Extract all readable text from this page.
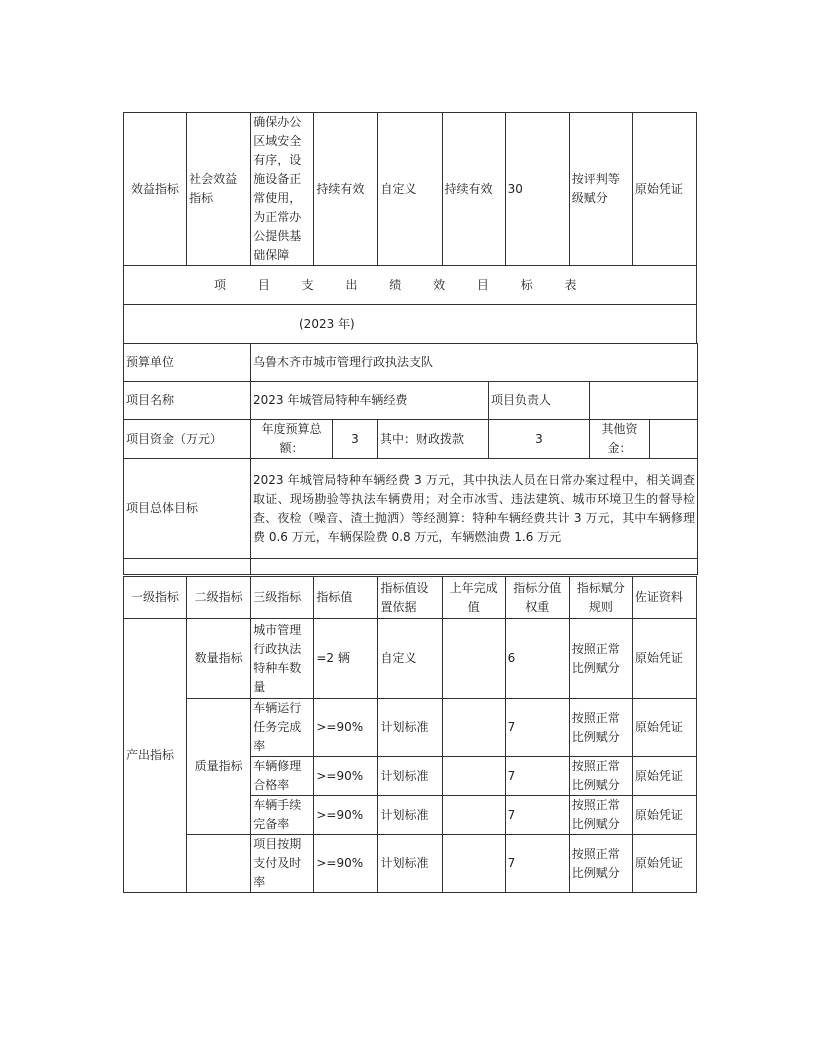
效益指标	社会效益指标	确保办公区域安全有序，设施设备正常使用，为正常办公提供基础保障	持续有效	自定义	持续有效	30	按评判等级赋分	原始凭证
项 目 支 出 绩 效 目 标 表
(2023 年)
预算单位	乌鲁木齐市城市管理行政执法支队					
项目名称	2023 年城管局特种车辆经费			项目负责人		
项目资金（万元）	年度预算总额：	3	其中：财政拨款	3	其他资金：	
项目总体目标	2023 年城管局特种车辆经费 3 万元，其中执法人员在日常办案过程中，相关调查取证、现场勘验等执法车辆费用；对全市冰雪、违法建筑、城市环境卫生的督导检查、夜检（噪音、渣土抛洒）等经测算：特种车辆经费共计 3 万元，其中车辆修理费 0.6 万元，车辆保险费 0.8 万元，车辆燃油费 1.6 万元					

一级指标	二级指标	三级指标	指标值	指标值设置依据	上年完成值	指标分值权重	指标赋分规则	佐证资料
产出指标	数量指标	城市管理行政执法特种车数量	=2 辆	自定义		6	按照正常比例赋分	原始凭证
	质量指标	车辆运行任务完成率	>=90%	计划标准		7	按照正常比例赋分	原始凭证
		车辆修理合格率	>=90%	计划标准		7	按照正常比例赋分	原始凭证
		车辆手续完备率	>=90%	计划标准		7	按照正常比例赋分	原始凭证
		项目按期支付及时率	>=90%	计划标准		7	按照正常比例赋分	原始凭证
